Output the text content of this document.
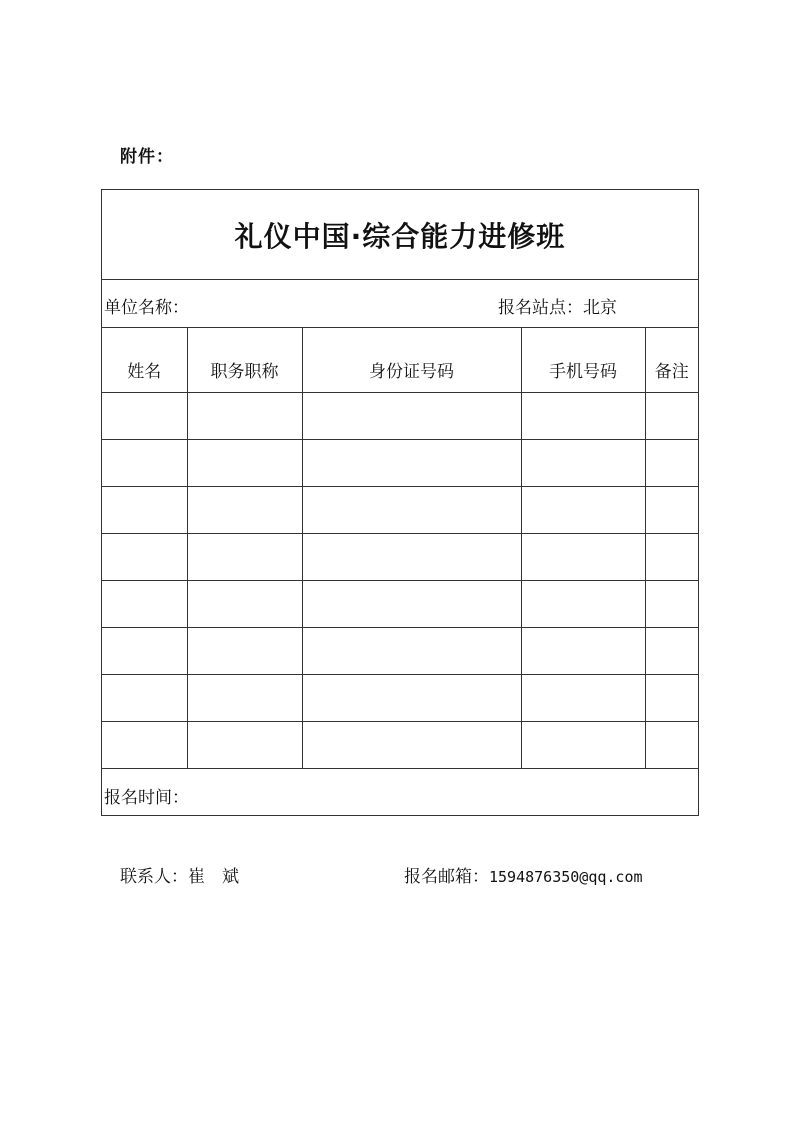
附件：
礼仪中国·综合能力进修班
单位名称：	报名站点：北京
姓名	职务职称	身份证号码	手机号码	备注

报名时间：
联系人：崔　斌	报名邮箱：1594876350@qq.com
